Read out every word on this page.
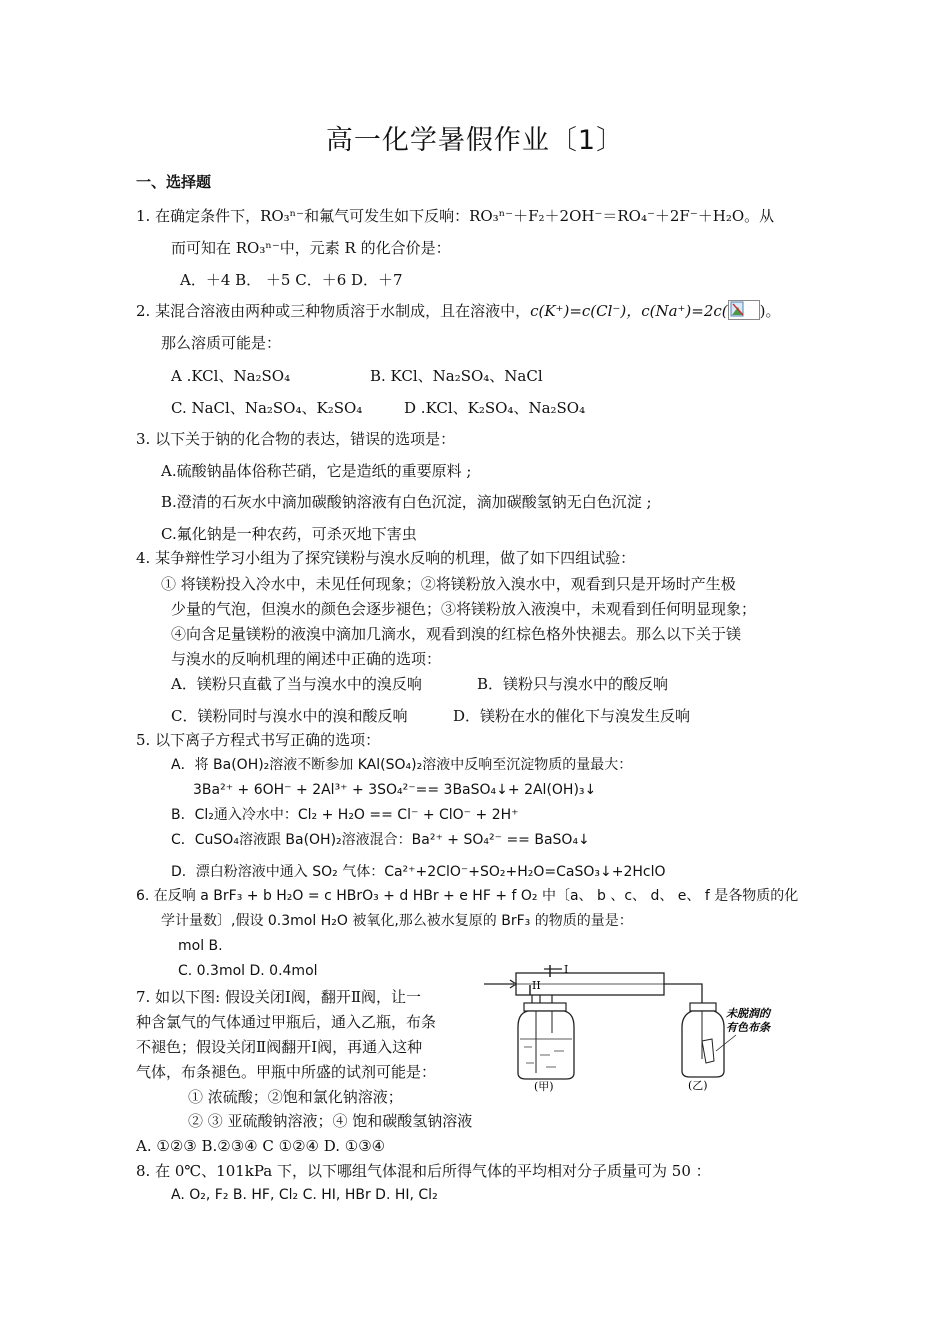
高一化学暑假作业〔1〕
一、选择题
1. 在确定条件下，RO₃ⁿ⁻和氟气可发生如下反响：RO₃ⁿ⁻＋F₂＋2OH⁻＝RO₄⁻＋2F⁻＋H₂O。从
而可知在 RO₃ⁿ⁻中，元素 R 的化合价是：
A．＋4 B． ＋5 C．＋6 D．＋7
2. 某混合溶液由两种或三种物质溶于水制成，且在溶液中，c(K⁺)=c(Cl⁻)，c(Na⁺)=2c( )。
那么溶质可能是：
A .KCl、Na₂SO₄	B. KCl、Na₂SO₄、NaCl
C. NaCl、Na₂SO₄、K₂SO₄	D .KCl、K₂SO₄、Na₂SO₄
3. 以下关于钠的化合物的表达，错误的选项是：
A.硫酸钠晶体俗称芒硝，它是造纸的重要原料 ;
B.澄清的石灰水中滴加碳酸钠溶液有白色沉淀，滴加碳酸氢钠无白色沉淀 ;
C.氟化钠是一种农药，可杀灭地下害虫
4. 某争辩性学习小组为了探究镁粉与溴水反响的机理，做了如下四组试验：
① 将镁粉投入冷水中，未见任何现象；②将镁粉放入溴水中，观看到只是开场时产生极
少量的气泡，但溴水的颜色会逐步褪色；③将镁粉放入液溴中，未观看到任何明显现象；
④向含足量镁粉的液溴中滴加几滴水，观看到溴的红棕色格外快褪去。那么以下关于镁
与溴水的反响机理的阐述中正确的选项：
A．镁粉只直截了当与溴水中的溴反响	B．镁粉只与溴水中的酸反响
C．镁粉同时与溴水中的溴和酸反响	D．镁粉在水的催化下与溴发生反响
5. 以下离子方程式书写正确的选项：
A．将 Ba(OH)₂溶液不断参加 KAl(SO₄)₂溶液中反响至沉淀物质的量最大：
3Ba²⁺ + 6OH⁻ + 2Al³⁺ + 3SO₄²⁻== 3BaSO₄↓+ 2Al(OH)₃↓
B．Cl₂通入冷水中：Cl₂ + H₂O == Cl⁻ + ClO⁻ + 2H⁺
C．CuSO₄溶液跟 Ba(OH)₂溶液混合：Ba²⁺ + SO₄²⁻ == BaSO₄↓
D．漂白粉溶液中通入 SO₂ 气体：Ca²⁺+2ClO⁻+SO₂+H₂O=CaSO₃↓+2HclO
6. 在反响 a BrF₃ + b H₂O = c HBrO₃ + d HBr + e HF + f O₂ 中〔a、 b 、c、 d、 e、 f 是各物质的化
学计量数〕,假设 0.3mol H₂O 被氧化,那么被水复原的 BrF₃ 的物质的量是：
mol B.
C. 0.3mol D. 0.4mol
7. 如以下图: 假设关闭Ⅰ阀，翻开Ⅱ阀，让一
种含氯气的气体通过甲瓶后，通入乙瓶，布条
不褪色；假设关闭Ⅱ阀翻开Ⅰ阀，再通入这种
气体，布条褪色。甲瓶中所盛的试剂可能是：
① 浓硫酸；②饱和氯化钠溶液；
② ③ 亚硫酸钠溶液；④ 饱和碳酸氢钠溶液
A. ①②③ B.②③④ C ①②④ D. ①③④
I
II
(甲)	(乙)
未脱润的
有色布条
8. 在 0℃、101kPa 下，以下哪组气体混和后所得气体的平均相对分子质量可为 50 ：
A. O₂, F₂ B. HF, Cl₂ C. HI, HBr D. HI, Cl₂
